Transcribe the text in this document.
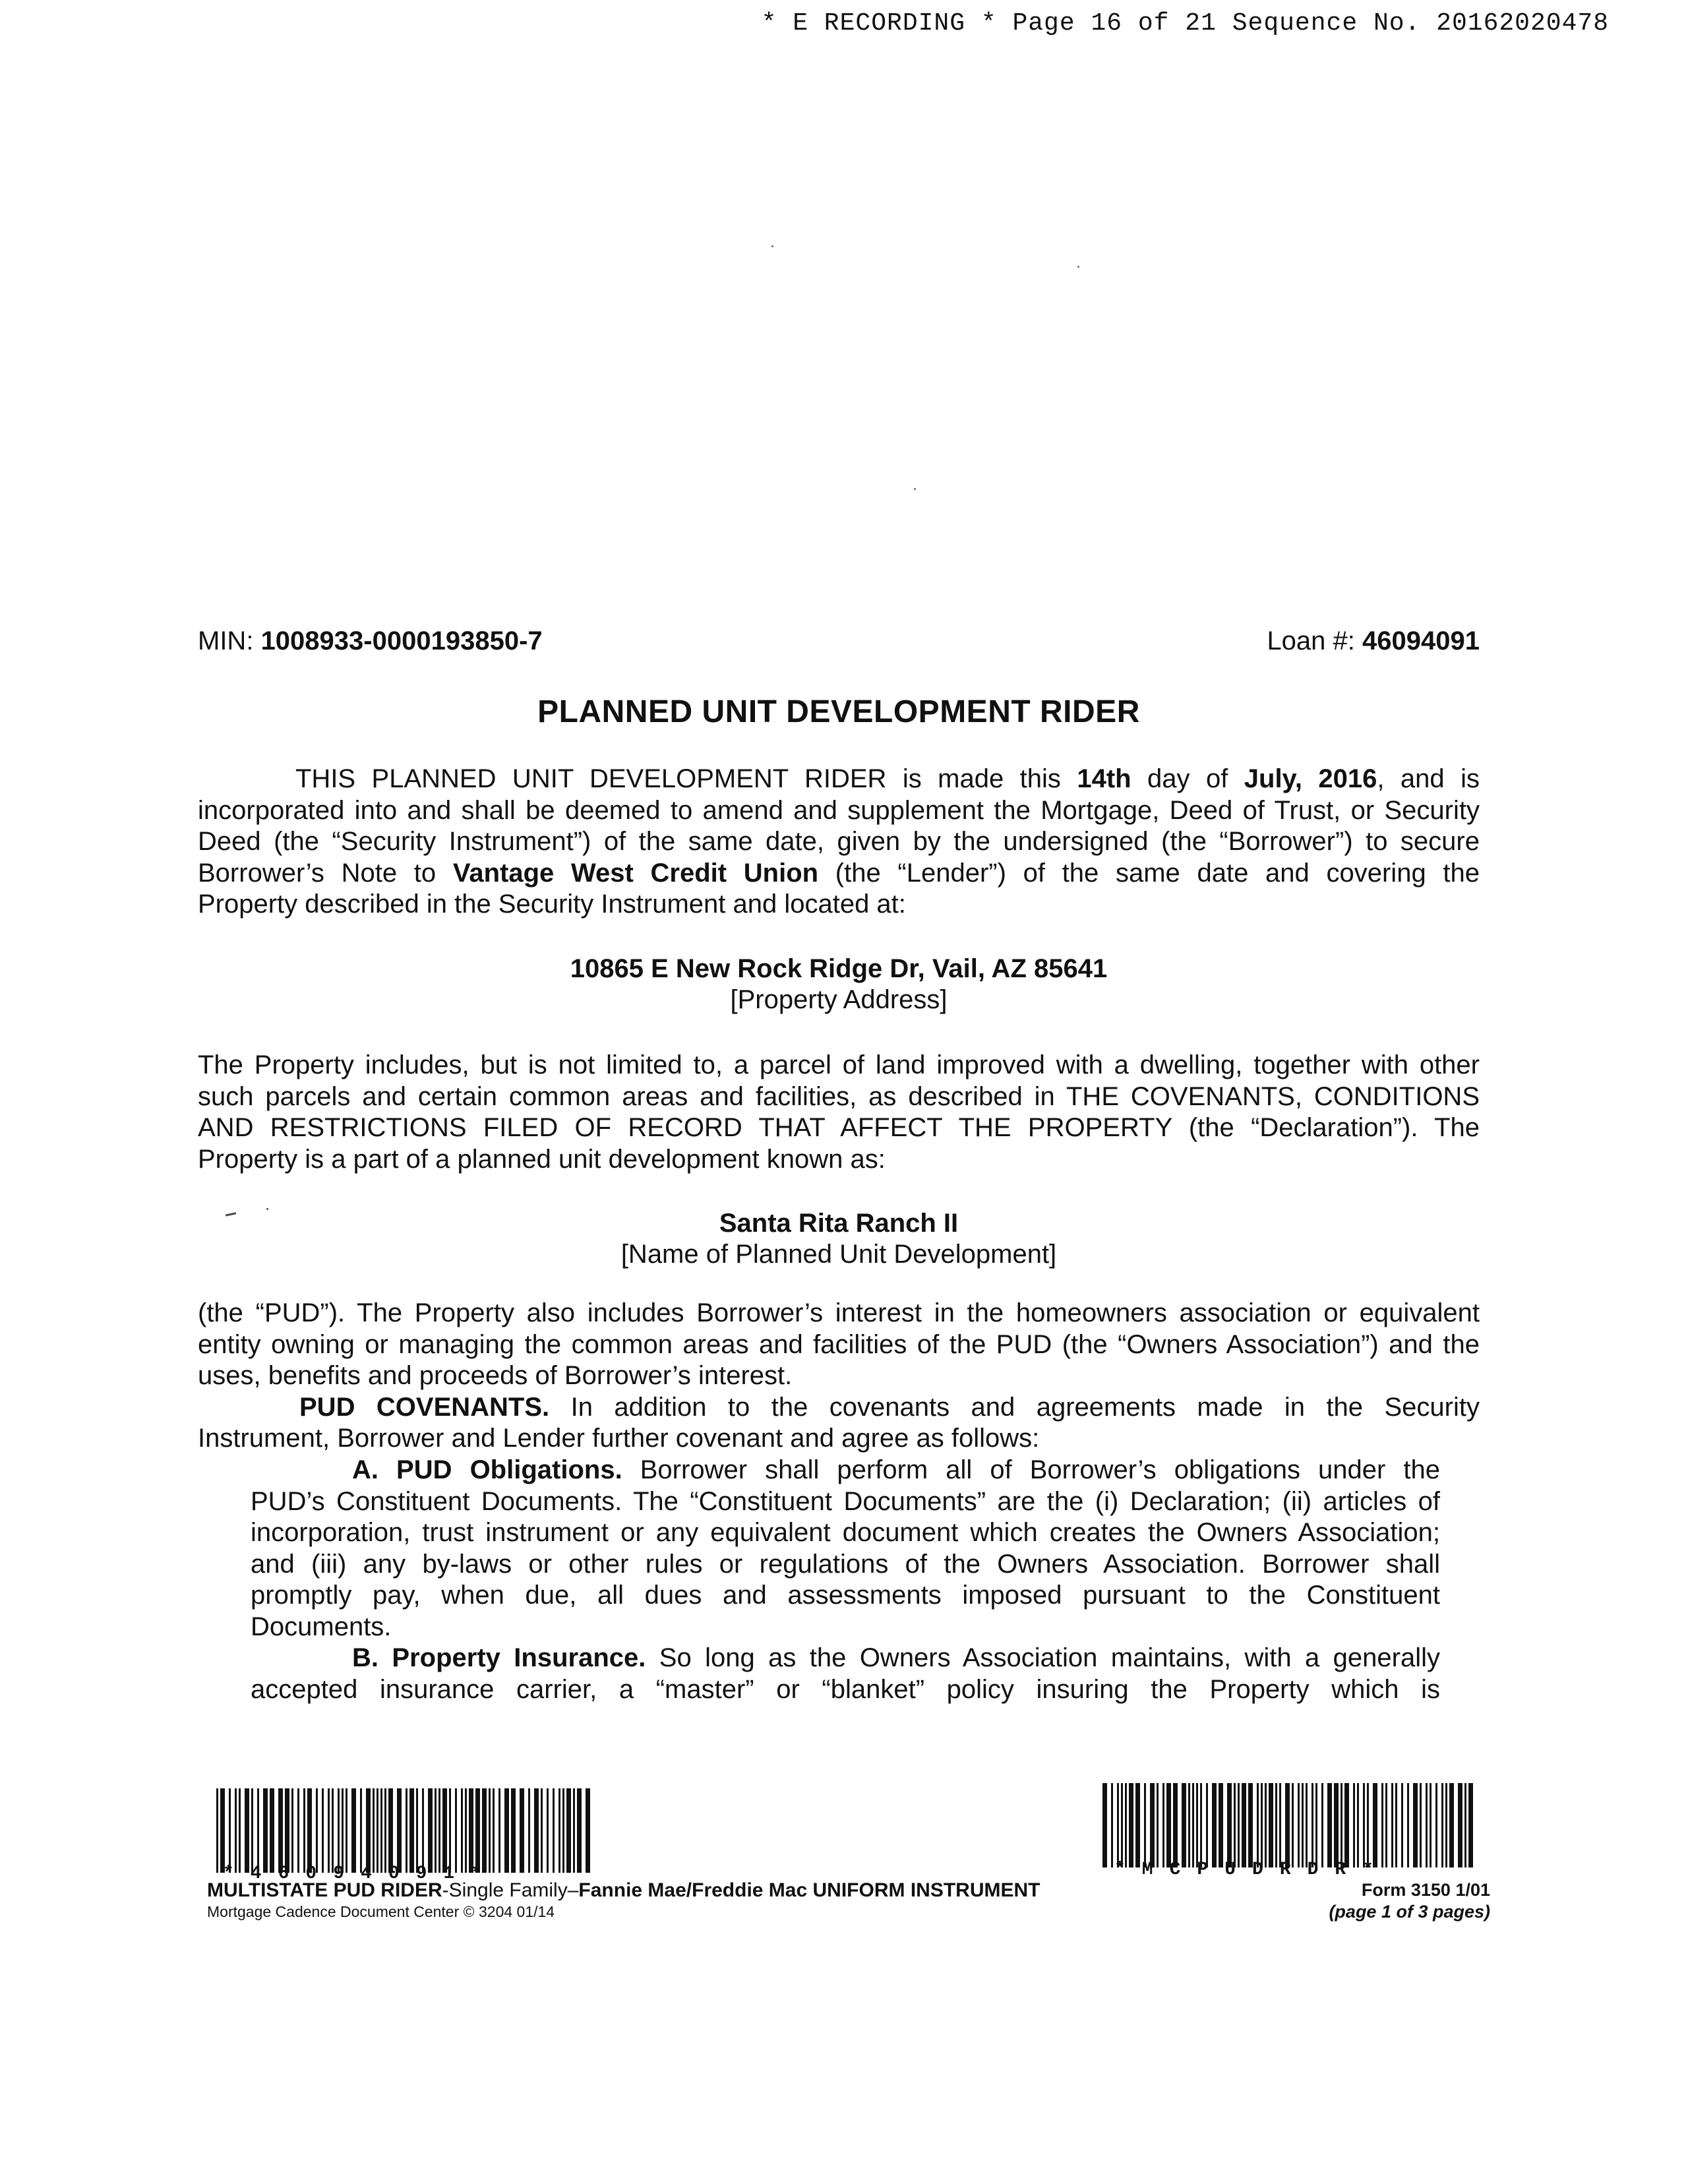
* E RECORDING * Page 16 of 21 Sequence No. 20162020478
MIN: 1008933-0000193850-7	Loan #: 46094091
PLANNED UNIT DEVELOPMENT RIDER
THIS PLANNED UNIT DEVELOPMENT RIDER is made this 14th day of July, 2016, and is
incorporated into and shall be deemed to amend and supplement the Mortgage, Deed of Trust, or Security
Deed (the “Security Instrument”) of the same date, given by the undersigned (the “Borrower”) to secure
Borrower’s Note to Vantage West Credit Union (the “Lender”) of the same date and covering the
Property described in the Security Instrument and located at:
10865 E New Rock Ridge Dr, Vail, AZ 85641
[Property Address]
The Property includes, but is not limited to, a parcel of land improved with a dwelling, together with other
such parcels and certain common areas and facilities, as described in THE COVENANTS, CONDITIONS
AND RESTRICTIONS FILED OF RECORD THAT AFFECT THE PROPERTY (the “Declaration”). The
Property is a part of a planned unit development known as:
Santa Rita Ranch II
[Name of Planned Unit Development]
(the “PUD”). The Property also includes Borrower’s interest in the homeowners association or equivalent
entity owning or managing the common areas and facilities of the PUD (the “Owners Association”) and the
uses, benefits and proceeds of Borrower’s interest.
PUD COVENANTS. In addition to the covenants and agreements made in the Security
Instrument, Borrower and Lender further covenant and agree as follows:
A. PUD Obligations. Borrower shall perform all of Borrower’s obligations under the
PUD’s Constituent Documents. The “Constituent Documents” are the (i) Declaration; (ii) articles of
incorporation, trust instrument or any equivalent document which creates the Owners Association;
and (iii) any by-laws or other rules or regulations of the Owners Association. Borrower shall
promptly pay, when due, all dues and assessments imposed pursuant to the Constituent
Documents.
B. Property Insurance. So long as the Owners Association maintains, with a generally
accepted insurance carrier, a “master” or “blanket” policy insuring the Property which is
*46094091*	*MCPUDRDR*
MULTISTATE PUD RIDER-Single Family–Fannie Mae/Freddie Mac UNIFORM INSTRUMENT
Mortgage Cadence Document Center © 3204 01/14
Form 3150 1/01
(page 1 of 3 pages)
